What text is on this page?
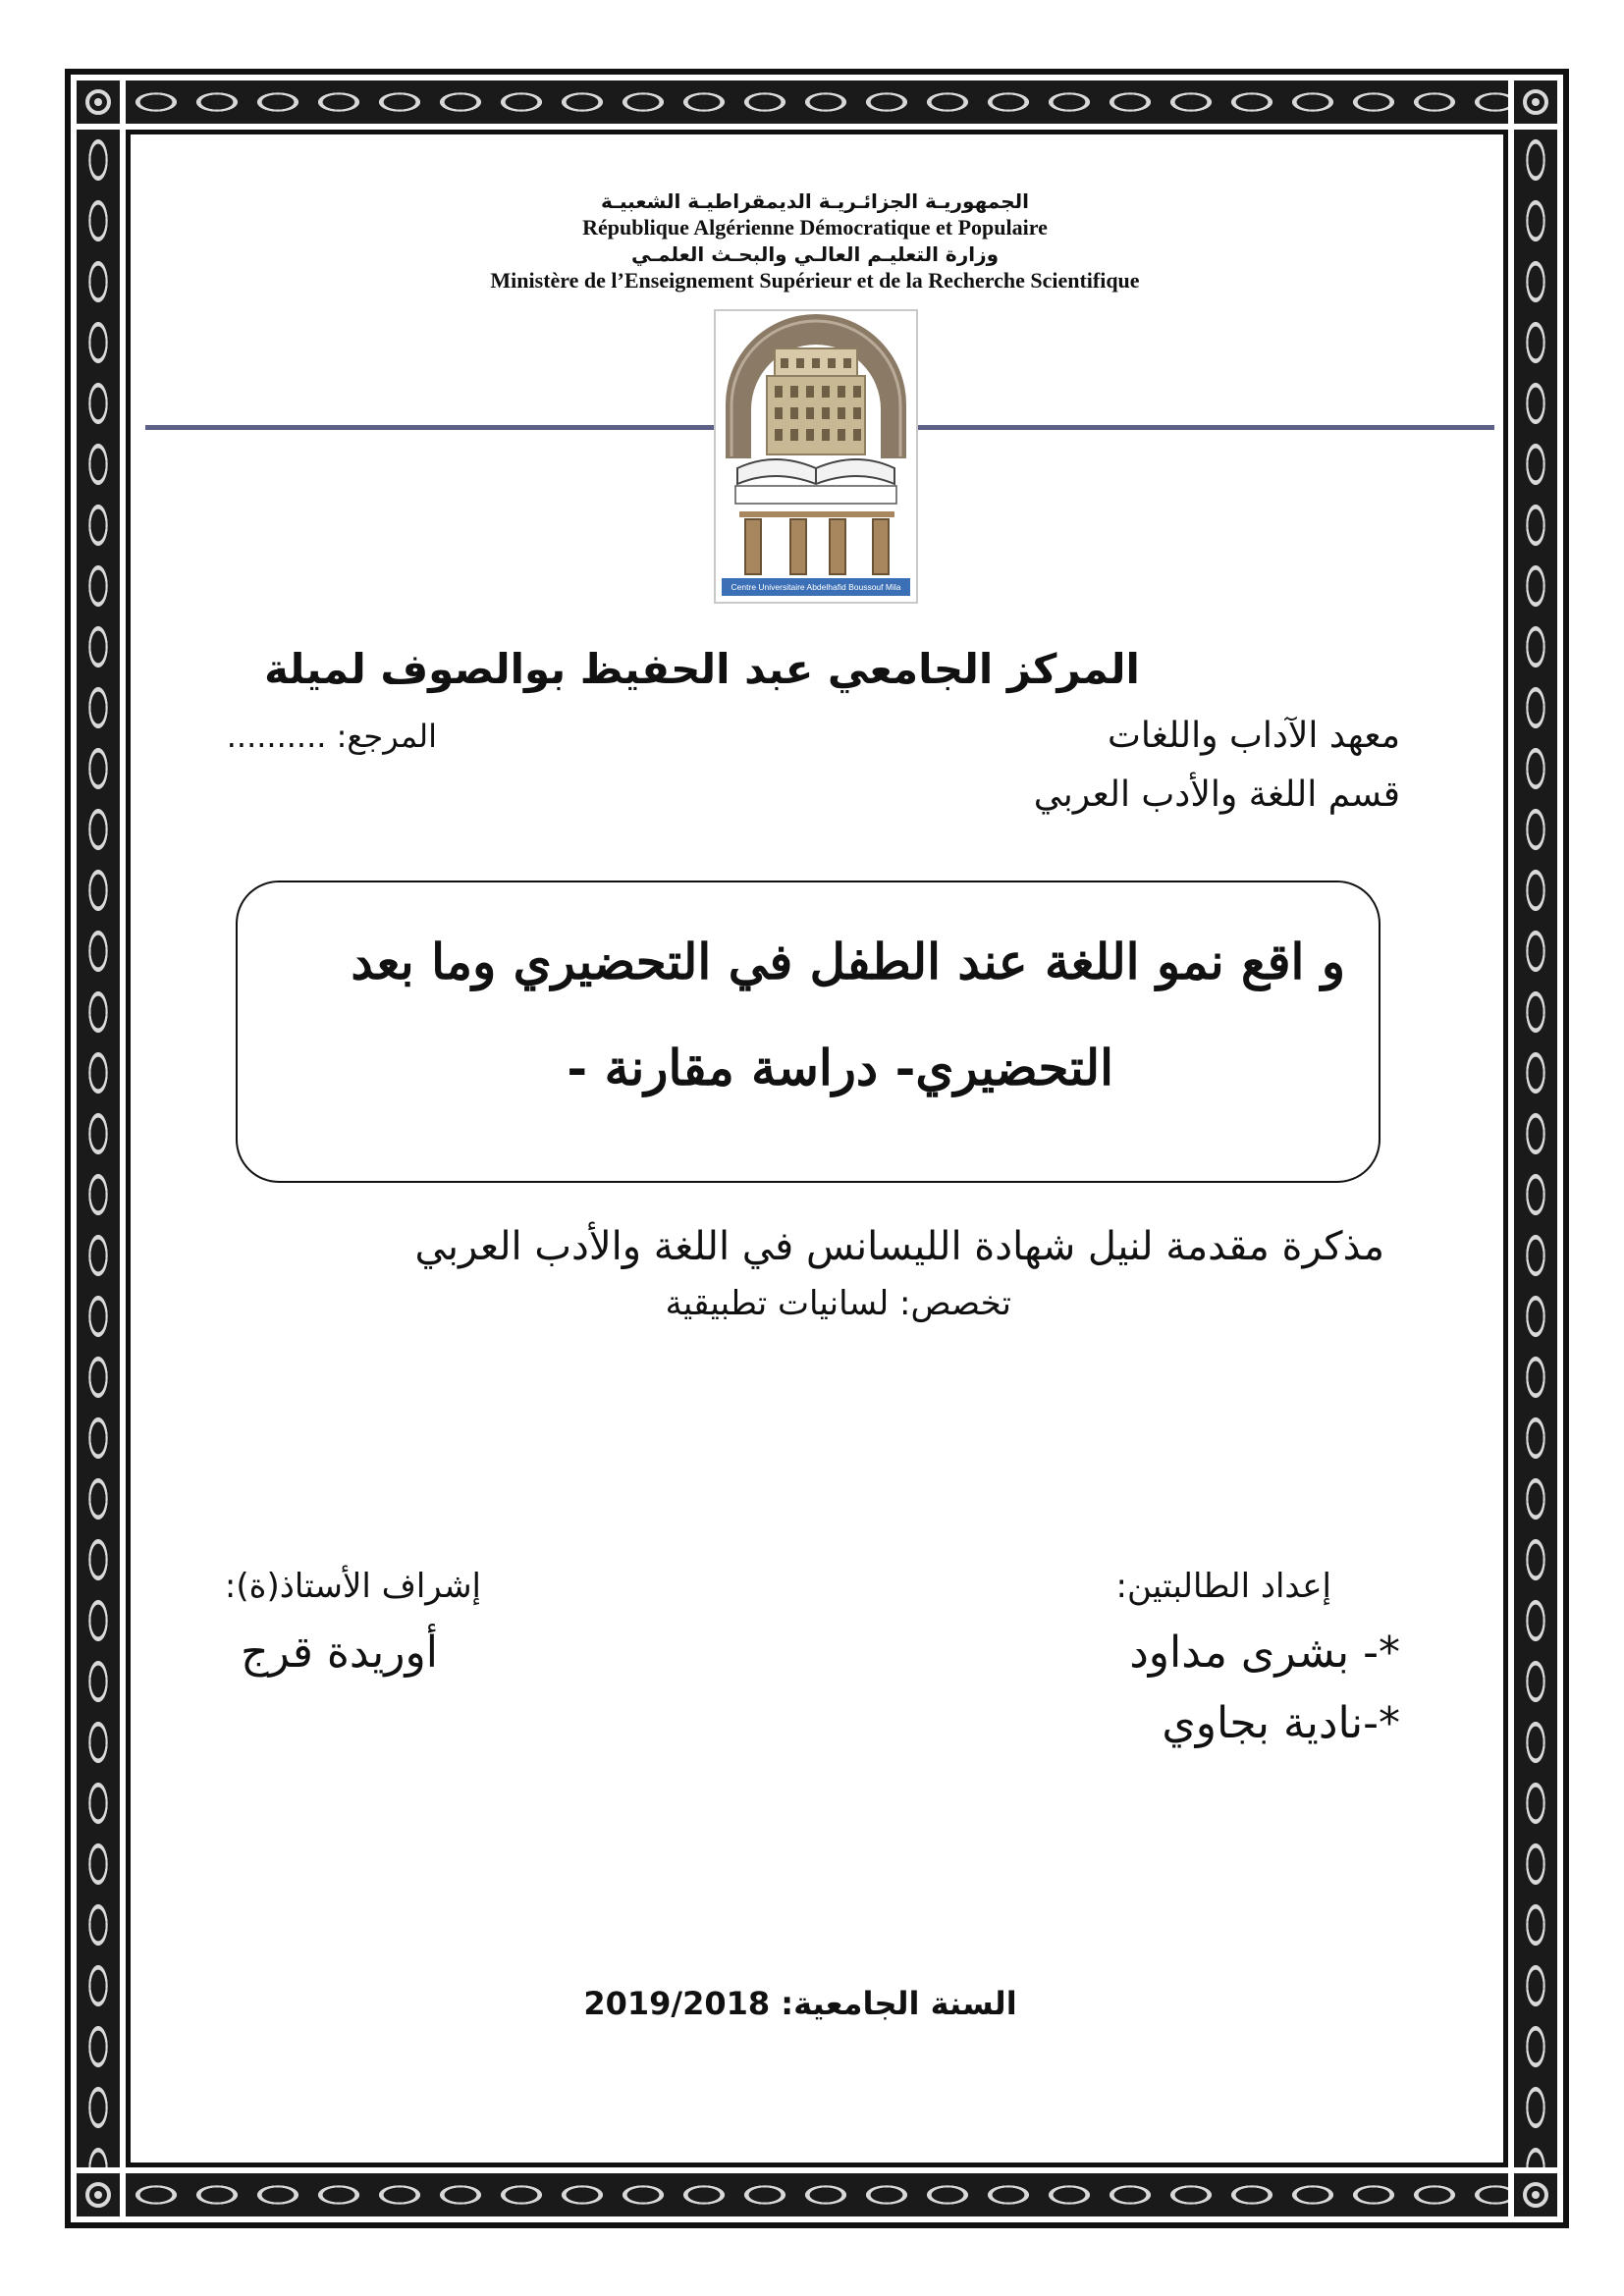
الجمهوريـة الجزائـريـة الديمقراطيـة الشعبيـة
République Algérienne Démocratique et Populaire
وزارة التعليـم العالـي والبحـث العلمـي
Ministère de l’Enseignement Supérieur et de la Recherche Scientifique
Centre Universitaire Abdelhafid Boussouf Mila
المركز الجامعي عبد الحفيظ بوالصوف لميلة
معهد الآداب واللغات
المرجع: ..........
قسم اللغة والأدب العربي
و اقع نمو اللغة عند الطفل في التحضيري وما بعد
التحضيري- دراسة مقارنة -
مذكرة مقدمة لنيل شهادة الليسانس في اللغة والأدب العربي
تخصص: لسانيات تطبيقية
إعداد الطالبتين:
إشراف الأستاذ(ة):
*- بشرى مداود
*-نادية بجاوي
أوريدة قرج
السنة الجامعية: 2019/2018
